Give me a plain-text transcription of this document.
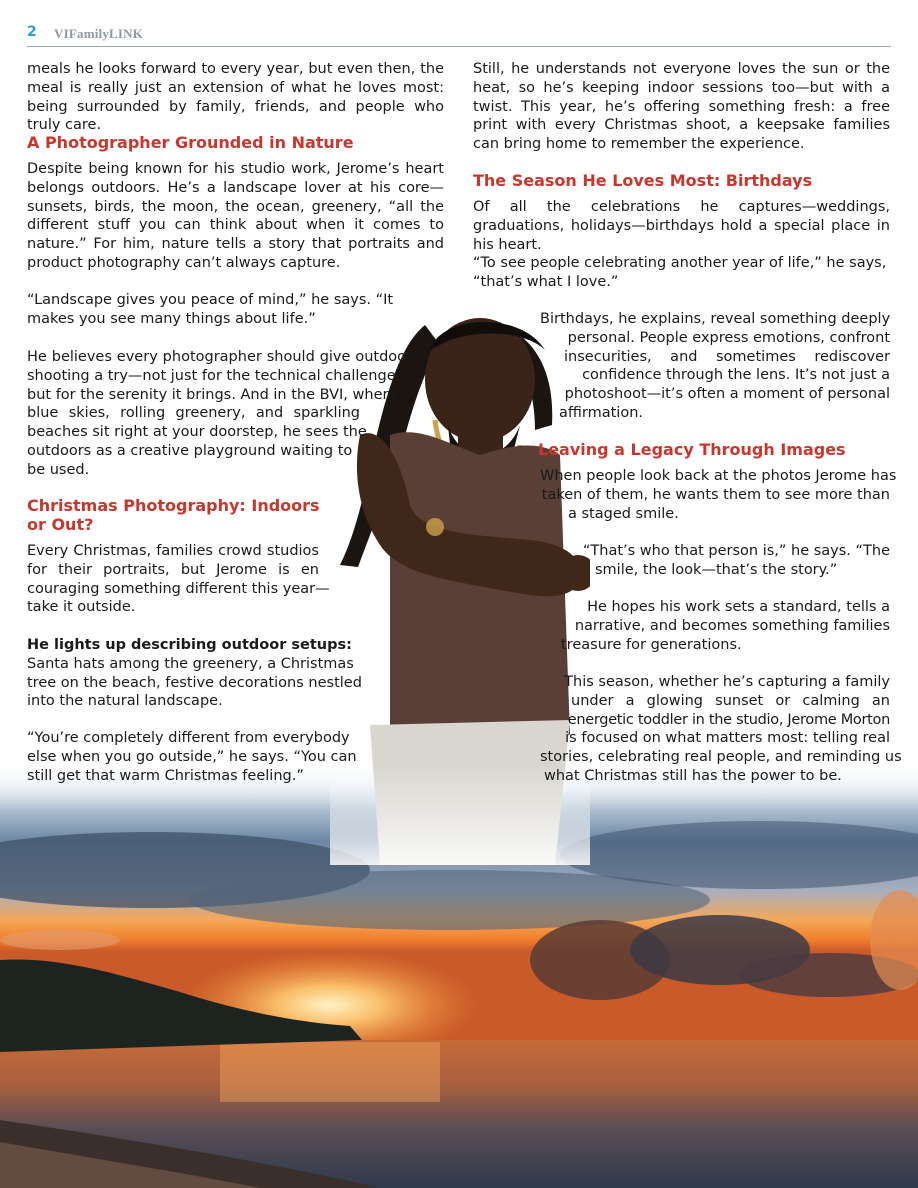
2 VIFamilyLINK
meals he looks forward to every year, but even then, the meal is really just an extension of what he loves most: being surrounded by family, friends, and people who truly care.
A Photographer Grounded in Nature
Despite being known for his studio work, Jerome’s heart belongs outdoors. He’s a landscape lover at his core—sunsets, birds, the moon, the ocean, greenery, “all the different stuff you can think about when it comes to nature.” For him, nature tells a story that portraits and product photography can’t always capture.
“Landscape gives you peace of mind,” he says. “It makes you see many things about life.”
He believes every photographer should give outdoor
shooting a try—not just for the technical challenge,
but for the serenity it brings. And in the BVI, where
blue skies, rolling greenery, and sparkling
beaches sit right at your doorstep, he sees the
outdoors as a creative playground waiting to
be used.
Christmas Photography: Indoors or Out?
Every Christmas, families crowd studios
for their portraits, but Jerome is en
couraging something different this year—
take it outside.
He lights up describing outdoor setups:
Santa hats among the greenery, a Christmas
tree on the beach, festive decorations nestled
into the natural landscape.
“You’re completely different from everybody
else when you go outside,” he says. “You can
still get that warm Christmas feeling.”
Still, he understands not everyone loves the sun or the heat, so he’s keeping indoor sessions too—but with a twist. This year, he’s offering something fresh: a free print with every Christmas shoot, a keepsake families can bring home to remember the experience.
The Season He Loves Most: Birthdays
Of all the celebrations he captures—weddings, graduations, holidays—birthdays hold a special place in his heart.
“To see people celebrating another year of life,” he says, “that’s what I love.”
Birthdays, he explains, reveal something deeply
personal. People express emotions, confront
insecurities, and sometimes rediscover
confidence through the lens. It’s not just a
photoshoot—it’s often a moment of personal
affirmation.
Leaving a Legacy Through Images
When people look back at the photos Jerome has
taken of them, he wants them to see more than
a staged smile.
“That’s who that person is,” he says. “The
smile, the look—that’s the story.”
He hopes his work sets a standard, tells a
narrative, and becomes something families
treasure for generations.
This season, whether he’s capturing a family
under a glowing sunset or calming an
energetic toddler in the studio, Jerome Morton
is focused on what matters most: telling real
stories, celebrating real people, and reminding us
what Christmas still has the power to be.
